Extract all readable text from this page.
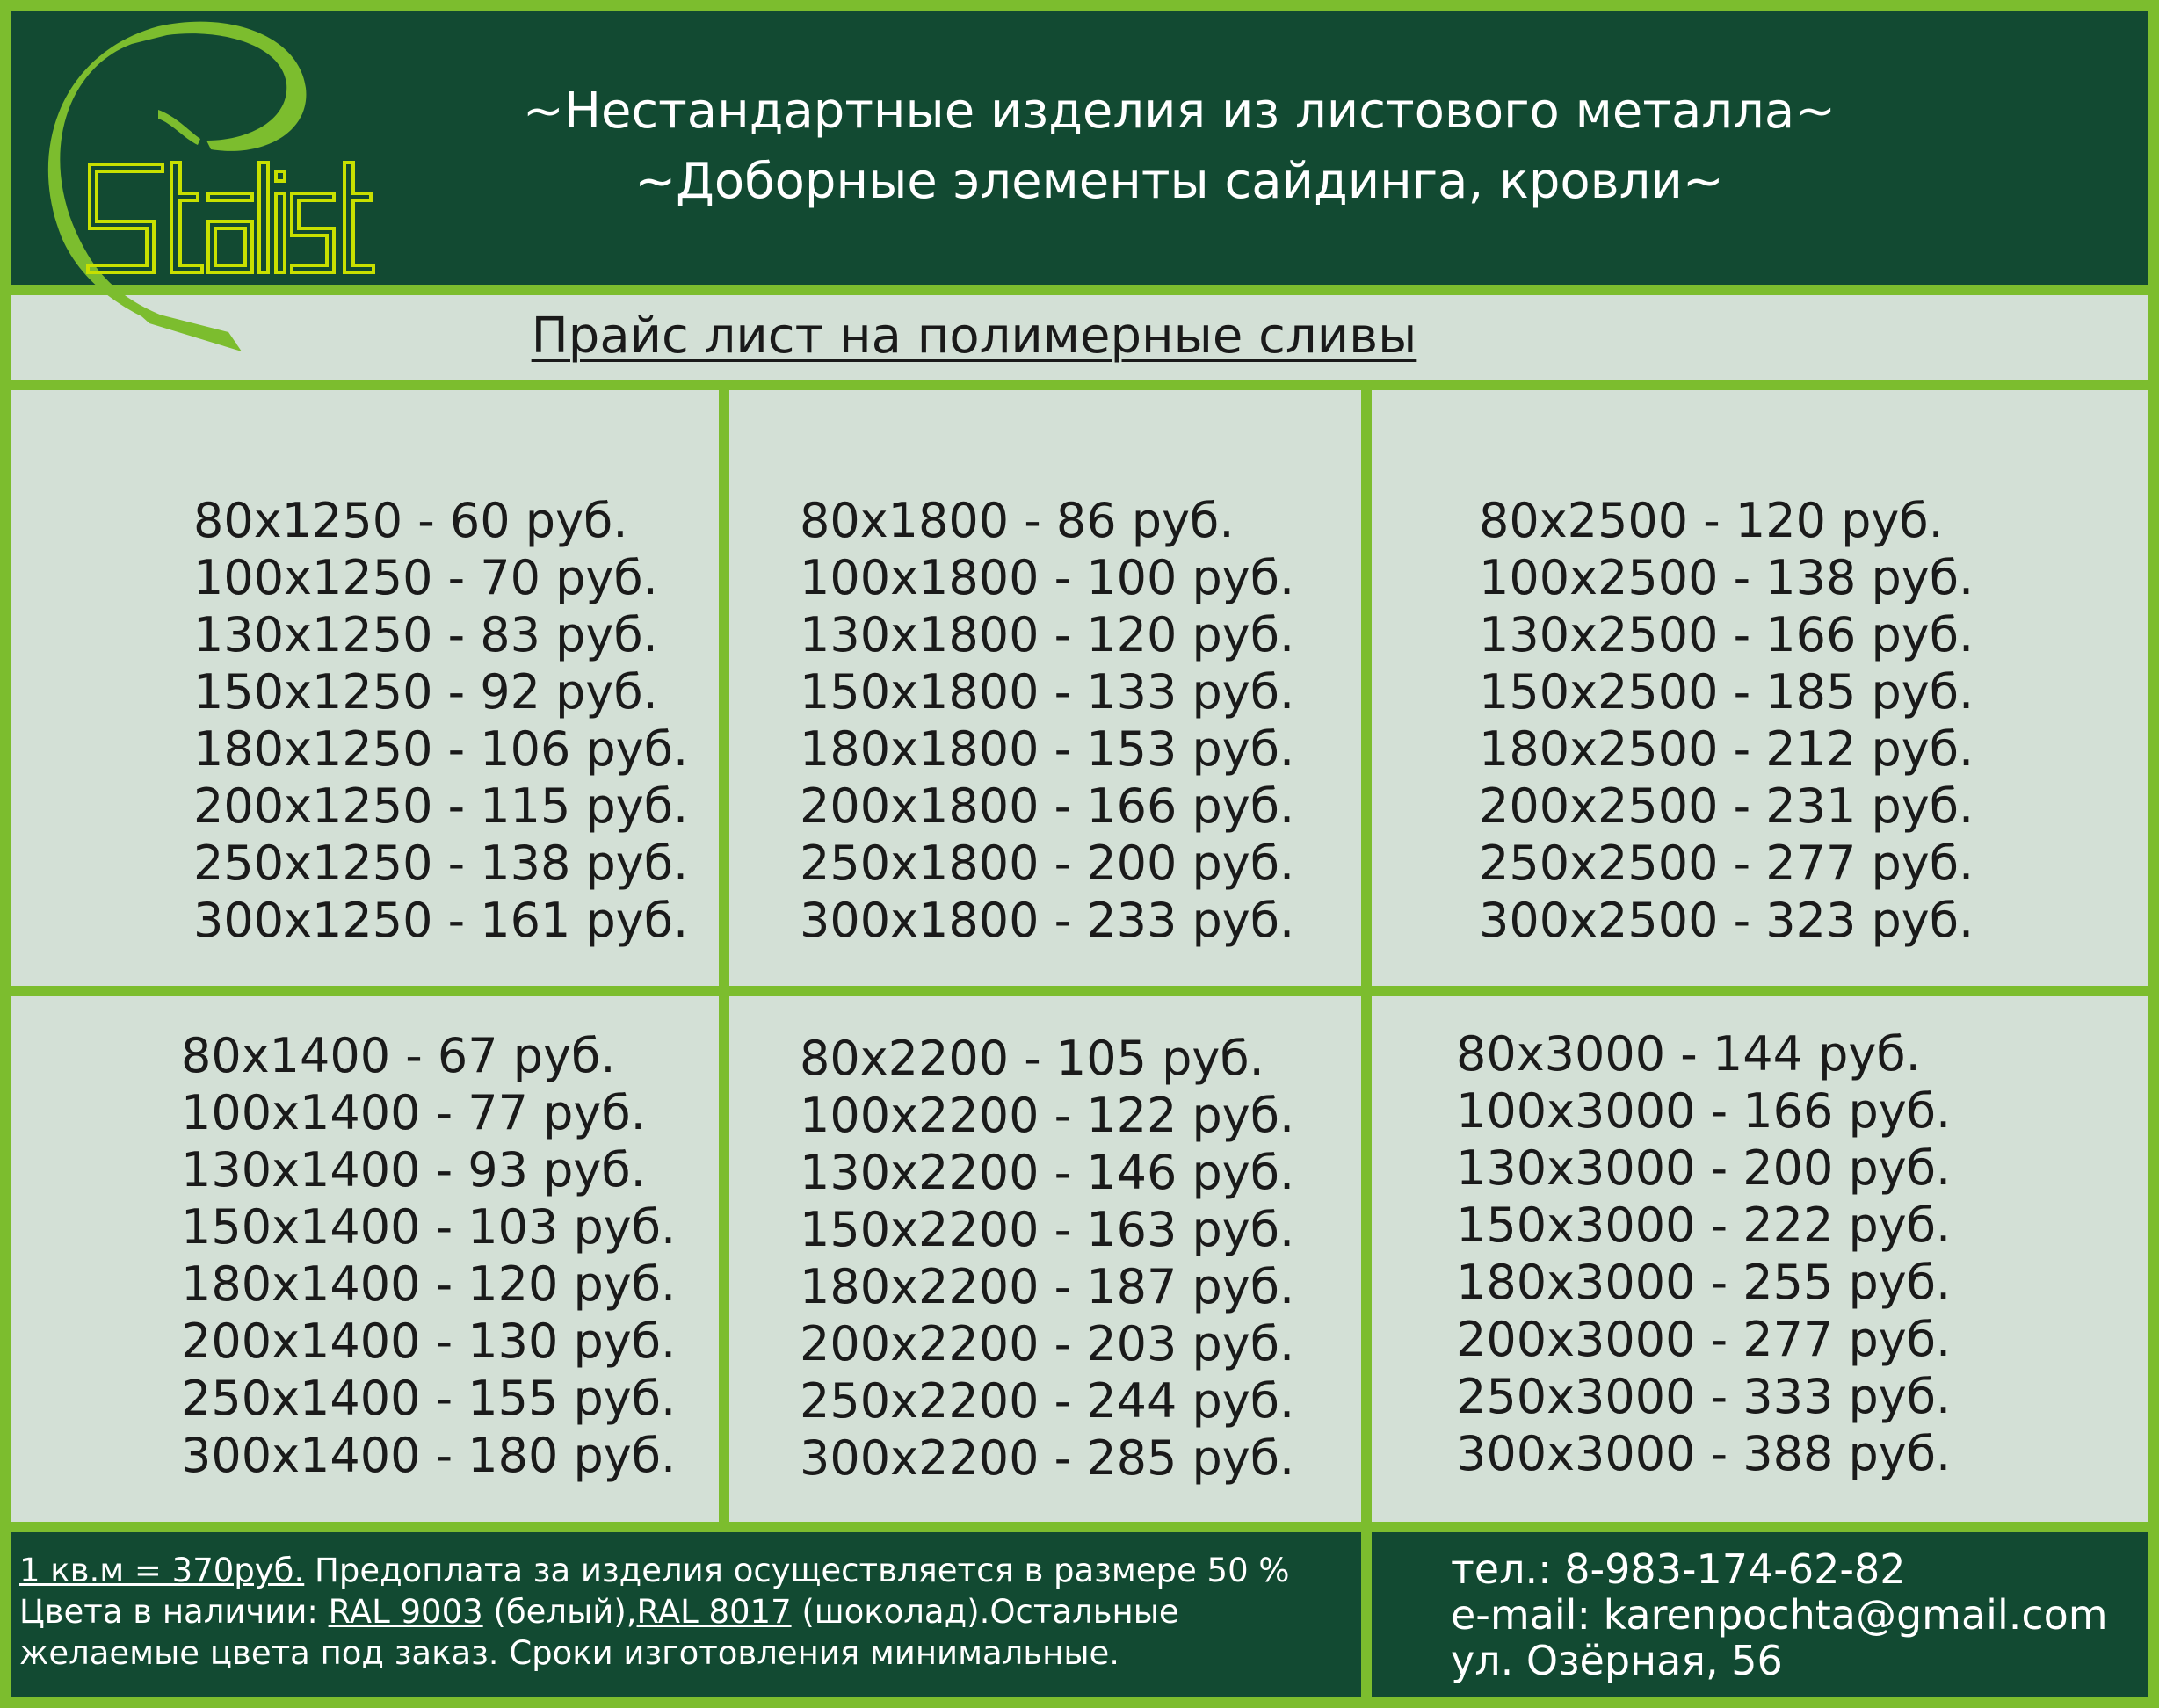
~Нестандартные изделия из листового металла~
~Доборные элементы сайдинга, кровли~
Прайс лист на полимерные сливы
80х1250 - 60 руб.
100х1250 - 70 руб.
130х1250 - 83 руб.
150х1250 - 92 руб.
180х1250 - 106 руб.
200х1250 - 115 руб.
250х1250 - 138 руб.
300х1250 - 161 руб.
80х1800 - 86 руб.
100х1800 - 100 руб.
130х1800 - 120 руб.
150х1800 - 133 руб.
180х1800 - 153 руб.
200х1800 - 166 руб.
250х1800 - 200 руб.
300х1800 - 233 руб.
80х2500 - 120 руб.
100х2500 - 138 руб.
130х2500 - 166 руб.
150х2500 - 185 руб.
180х2500 - 212 руб.
200х2500 - 231 руб.
250х2500 - 277 руб.
300х2500 - 323 руб.
80х1400 - 67 руб.
100х1400 - 77 руб.
130х1400 - 93 руб.
150х1400 - 103 руб.
180х1400 - 120 руб.
200х1400 - 130 руб.
250х1400 - 155 руб.
300х1400 - 180 руб.
80х2200 - 105 руб.
100х2200 - 122 руб.
130х2200 - 146 руб.
150х2200 - 163 руб.
180х2200 - 187 руб.
200х2200 - 203 руб.
250х2200 - 244 руб.
300х2200 - 285 руб.
80х3000 - 144 руб.
100х3000 - 166 руб.
130х3000 - 200 руб.
150х3000 - 222 руб.
180х3000 - 255 руб.
200х3000 - 277 руб.
250х3000 - 333 руб.
300х3000 - 388 руб.
1 кв.м = 370руб. Предоплата за изделия осуществляется в размере 50 %
Цвета в наличии: RAL 9003 (белый),RAL 8017 (шоколад).Остальные
желаемые цвета под заказ. Сроки изготовления минимальные.
тел.: 8-983-174-62-82
e-mail: karenpochta@gmail.com
ул. Озёрная, 56
